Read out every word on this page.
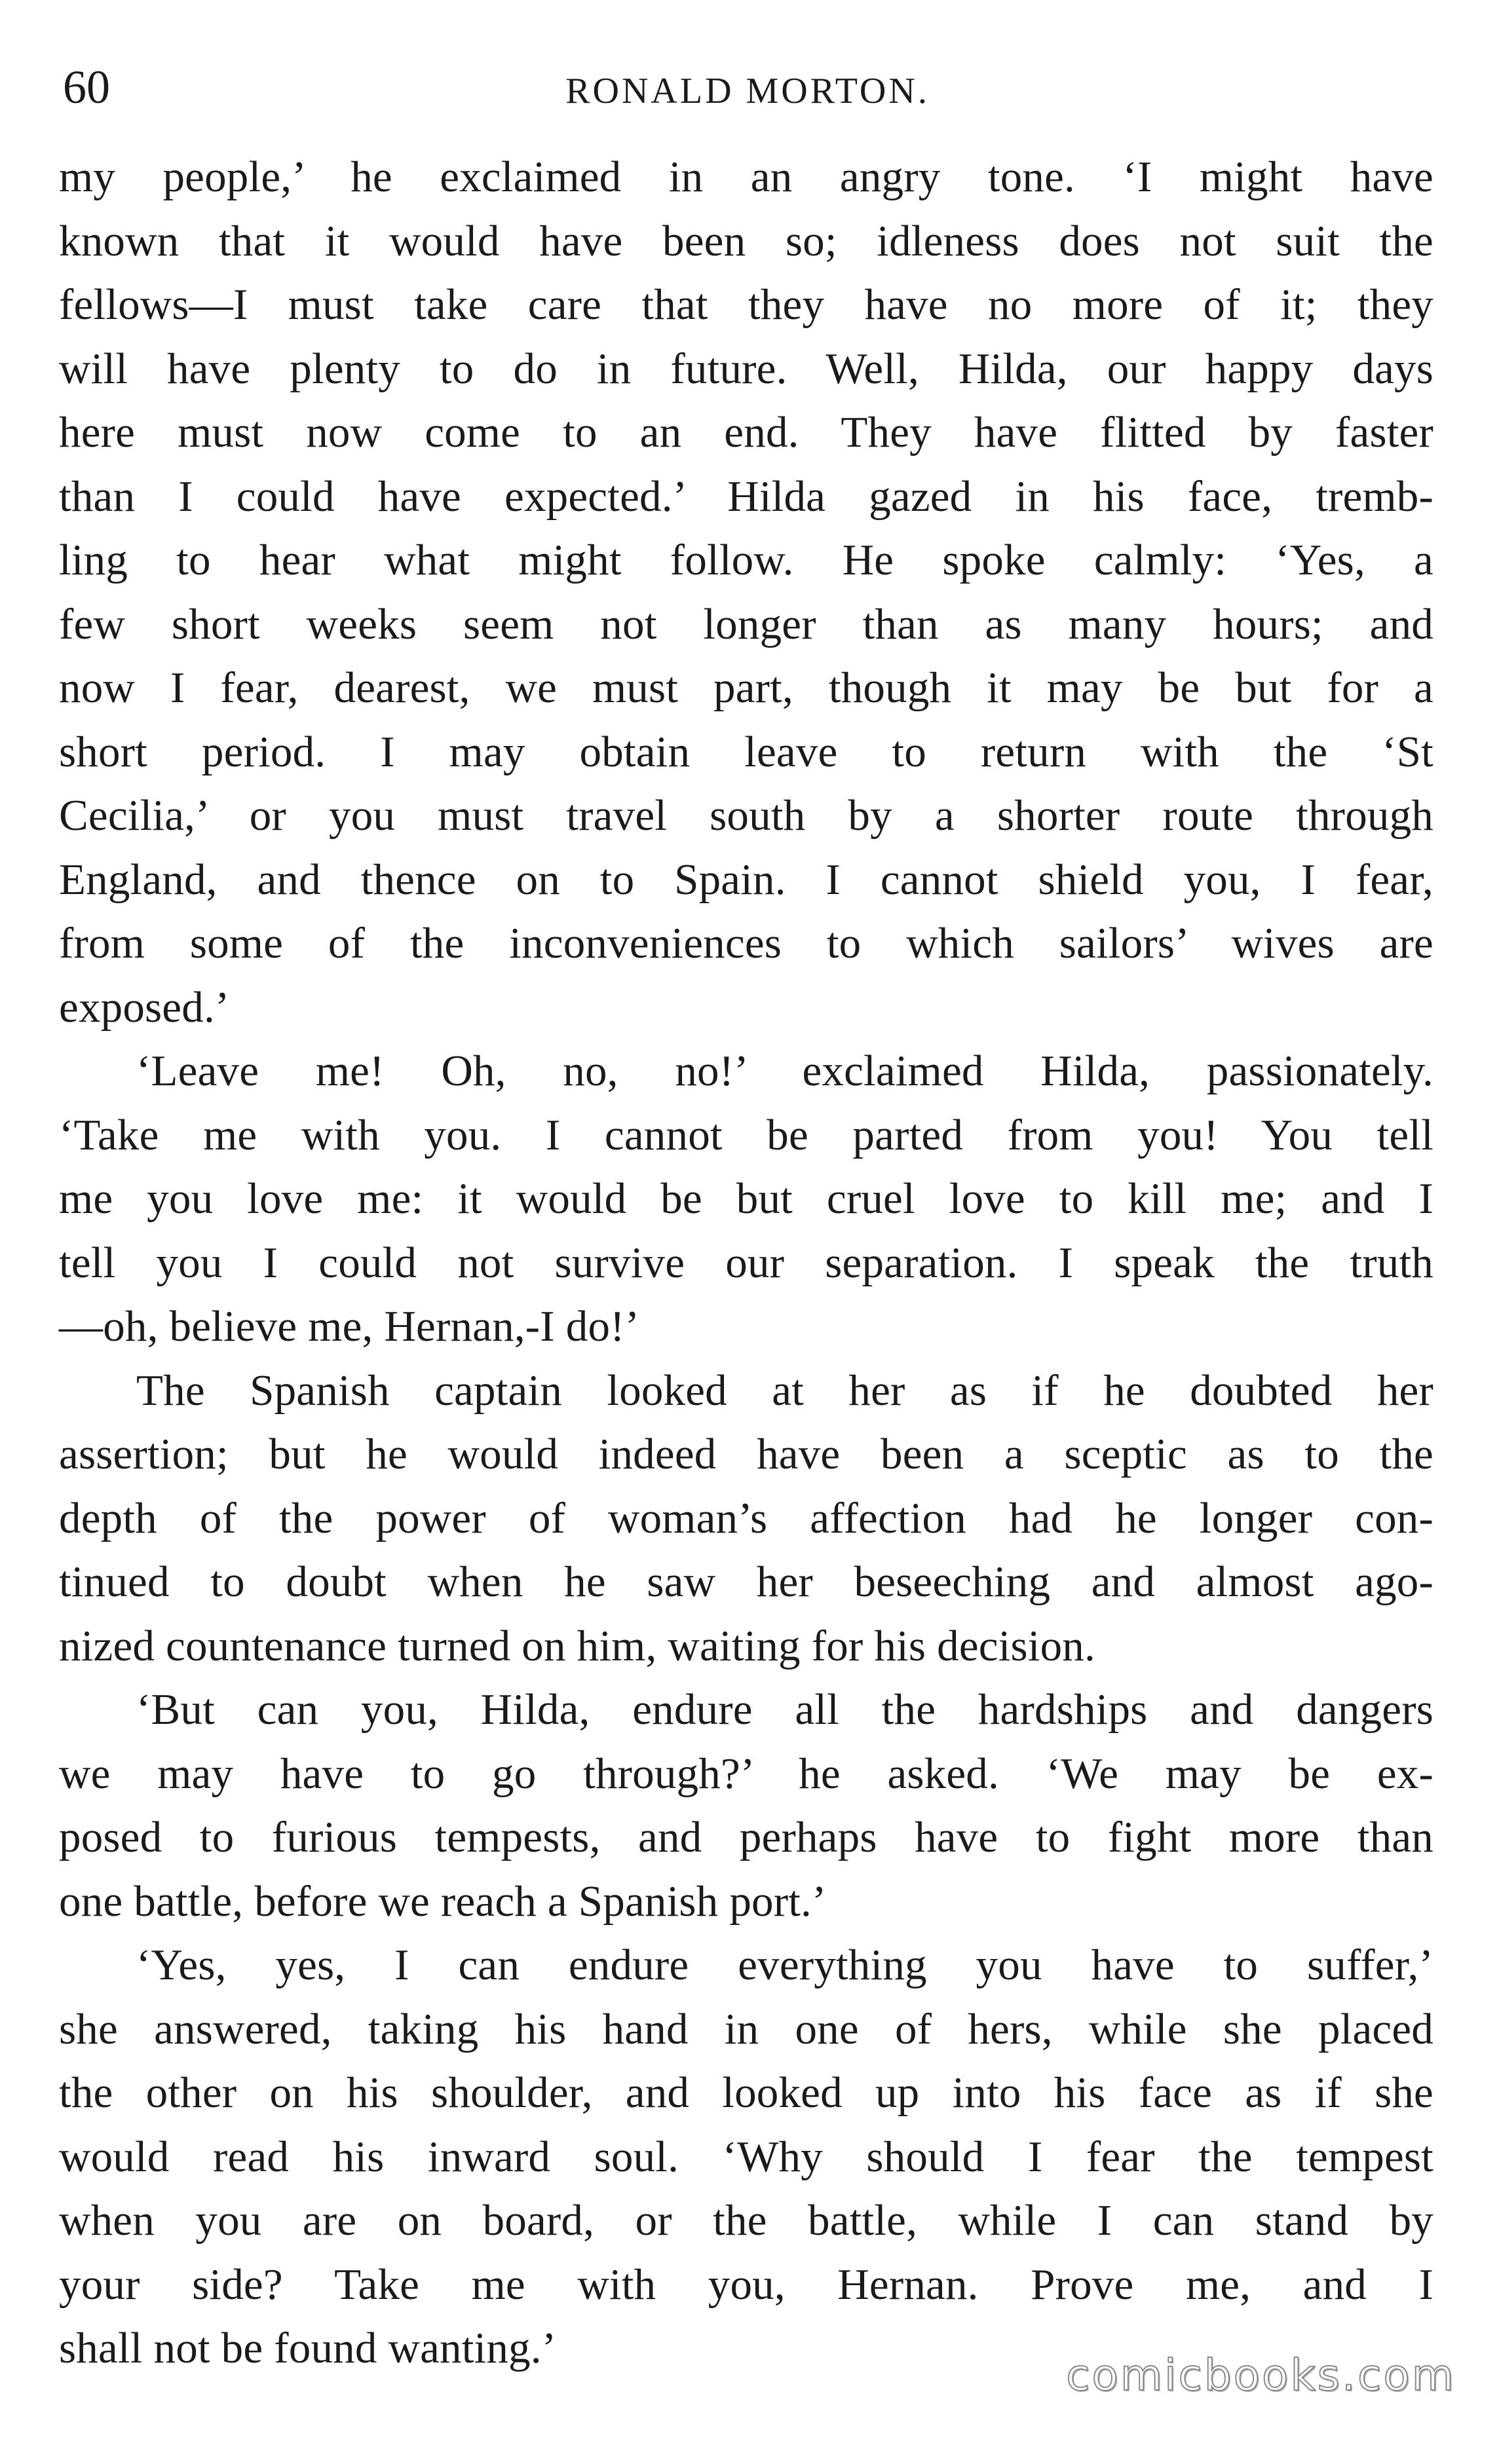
60	RONALD MORTON.

my people,’ he exclaimed in an angry tone. ‘I might have

known that it would have been so; idleness does not suit the

fellows—I must take care that they have no more of it; they

will have plenty to do in future. Well, Hilda, our happy days

here must now come to an end. They have flitted by faster

than I could have expected.’ Hilda gazed in his face, tremb-

ling to hear what might follow. He spoke calmly: ‘Yes, a

few short weeks seem not longer than as many hours; and

now I fear, dearest, we must part, though it may be but for a

short period. I may obtain leave to return with the ‘St

Cecilia,’ or you must travel south by a shorter route through

England, and thence on to Spain. I cannot shield you, I fear,

from some of the inconveniences to which sailors’ wives are

exposed.’

‘Leave me! Oh, no, no!’ exclaimed Hilda, passionately.

‘Take me with you. I cannot be parted from you! You tell

me you love me: it would be but cruel love to kill me; and I

tell you I could not survive our separation. I speak the truth

—oh, believe me, Hernan,-I do!’

The Spanish captain looked at her as if he doubted her

assertion; but he would indeed have been a sceptic as to the

depth of the power of woman’s affection had he longer con-

tinued to doubt when he saw her beseeching and almost ago-

nized countenance turned on him, waiting for his decision.

‘But can you, Hilda, endure all the hardships and dangers

we may have to go through?’ he asked. ‘We may be ex-

posed to furious tempests, and perhaps have to fight more than

one battle, before we reach a Spanish port.’

‘Yes, yes, I can endure everything you have to suffer,’

she answered, taking his hand in one of hers, while she placed

the other on his shoulder, and looked up into his face as if she

would read his inward soul. ‘Why should I fear the tempest

when you are on board, or the battle, while I can stand by

your side? Take me with you, Hernan. Prove me, and I

shall not be found wanting.’

comicbooks.com
